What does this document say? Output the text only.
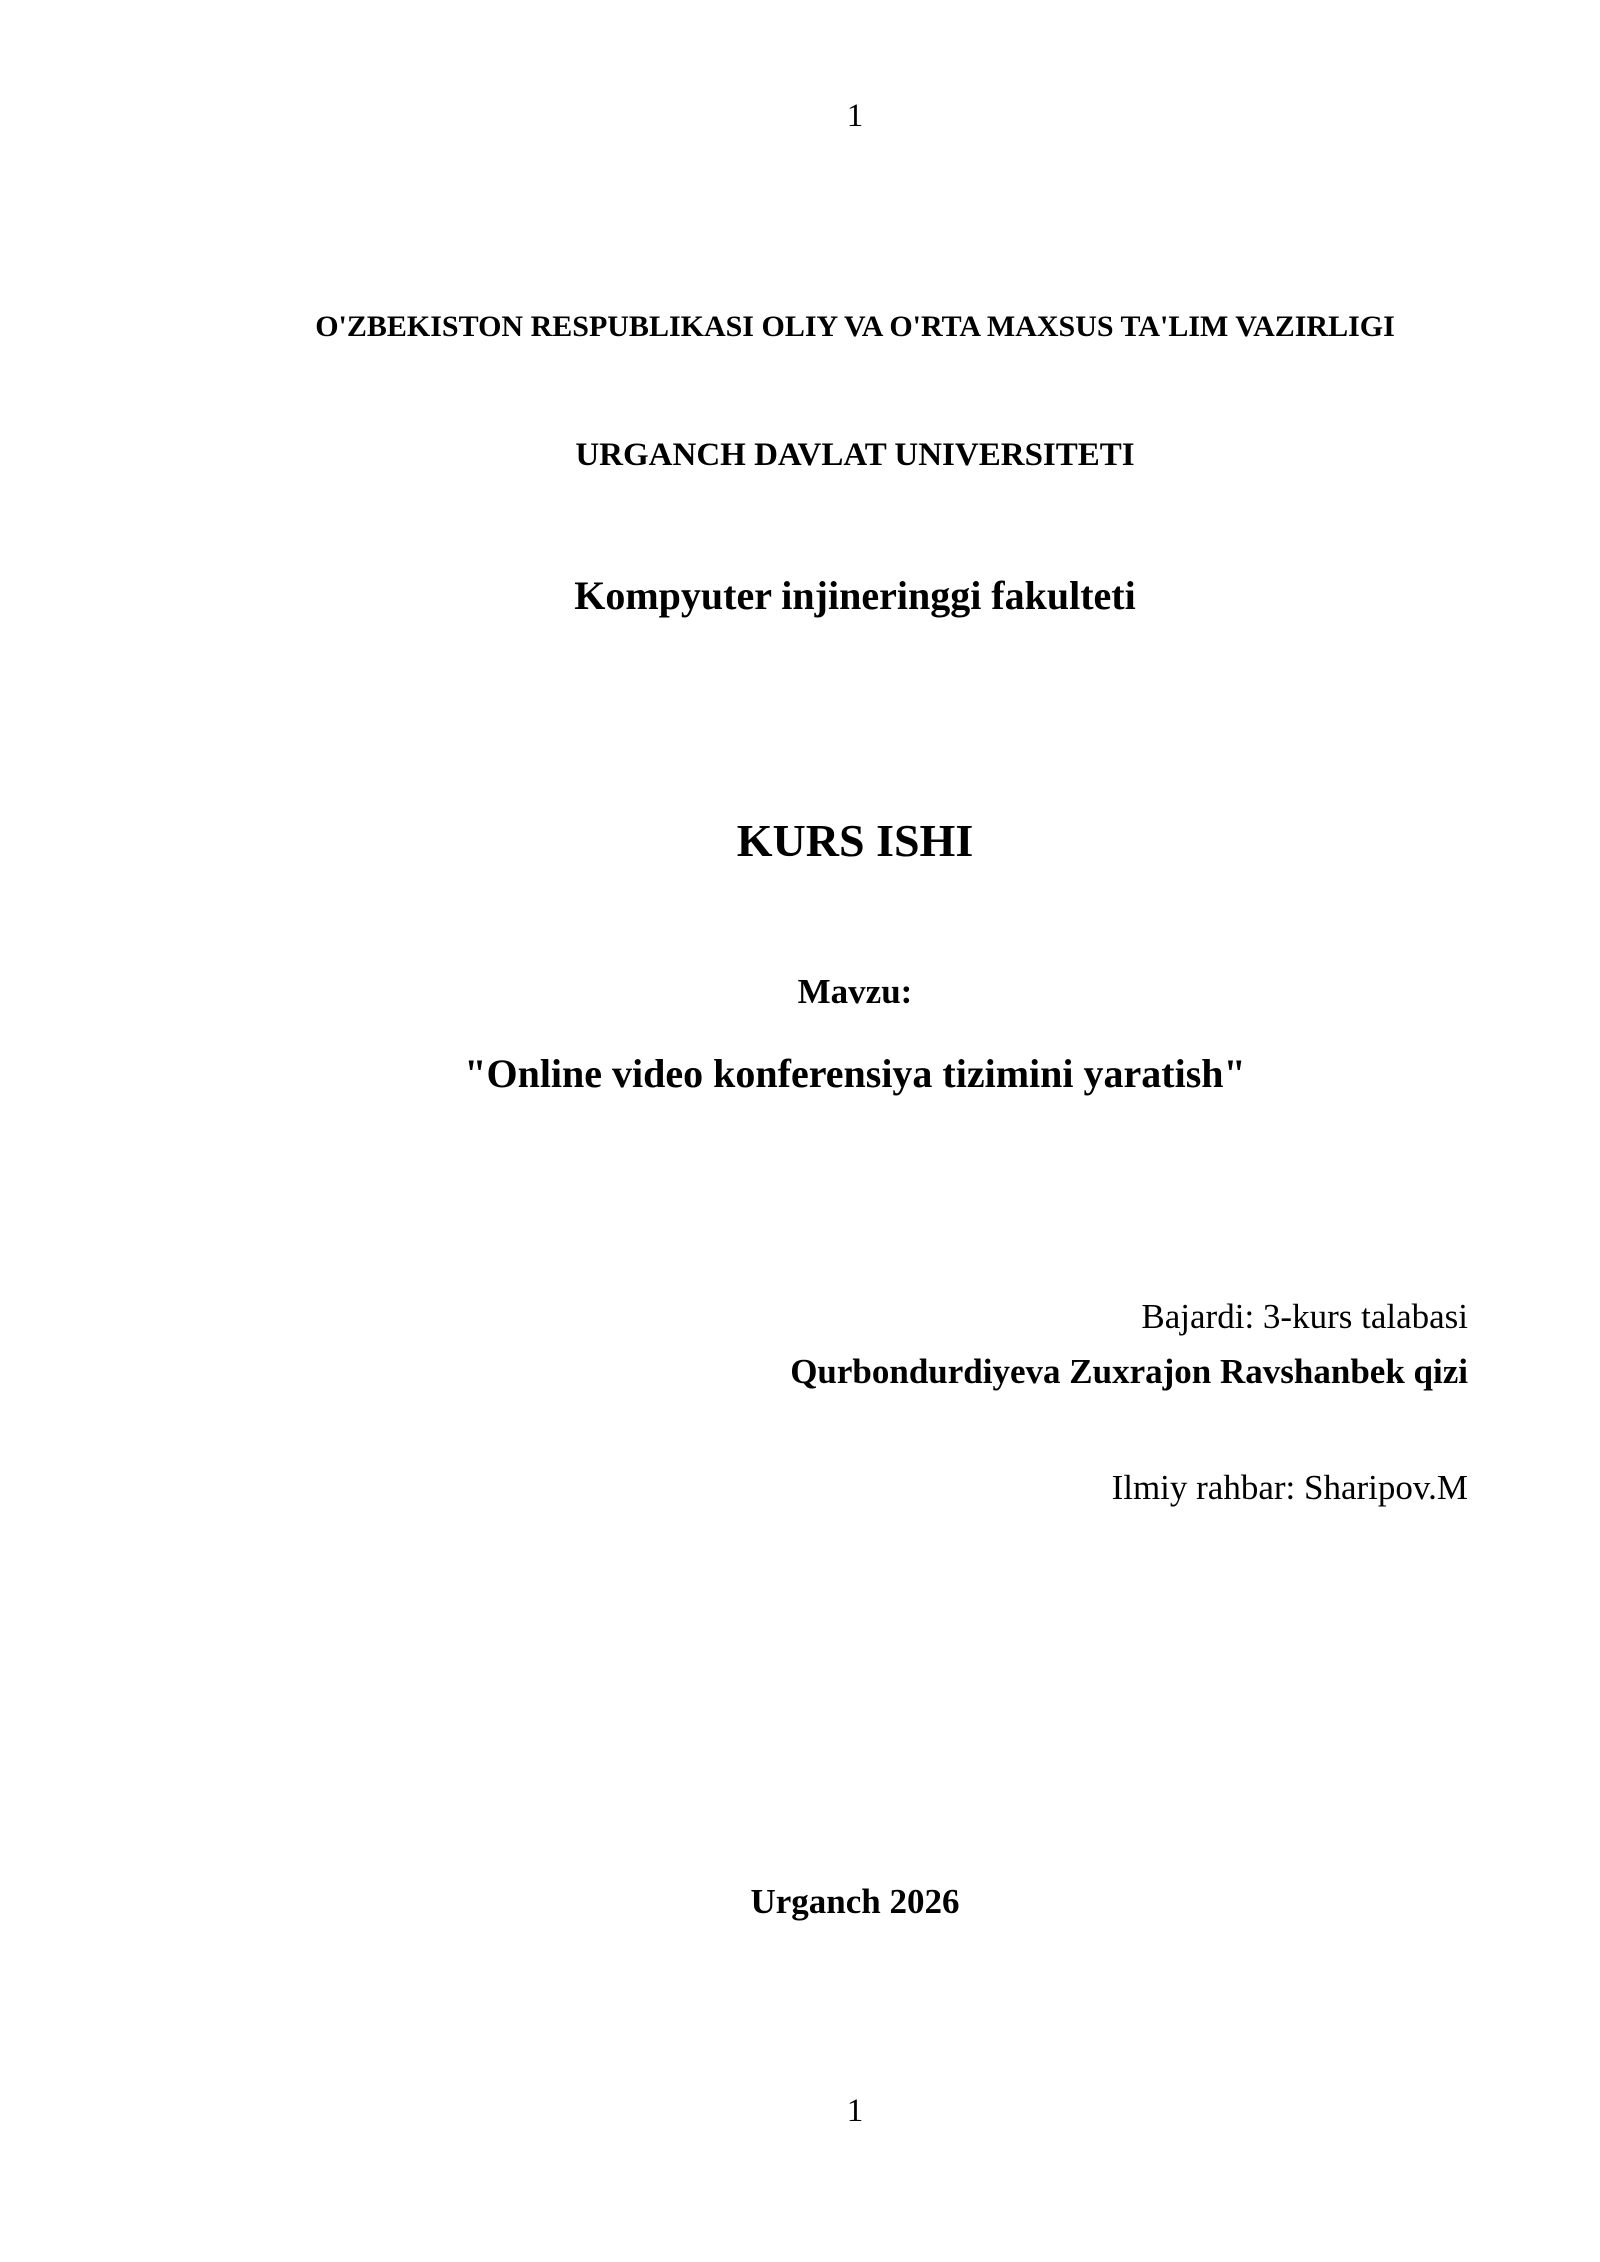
1
O'ZBEKISTON RESPUBLIKASI OLIY VA O'RTA MAXSUS TA'LIM VAZIRLIGI
URGANCH DAVLAT UNIVERSITETI
Kompyuter injineringgi fakulteti
KURS ISHI
Mavzu:
"Online video konferensiya tizimini yaratish"
Bajardi: 3-kurs talabasi
Qurbondurdiyeva Zuxrajon Ravshanbek qizi
Ilmiy rahbar: Sharipov.M
Urganch 2026
1
